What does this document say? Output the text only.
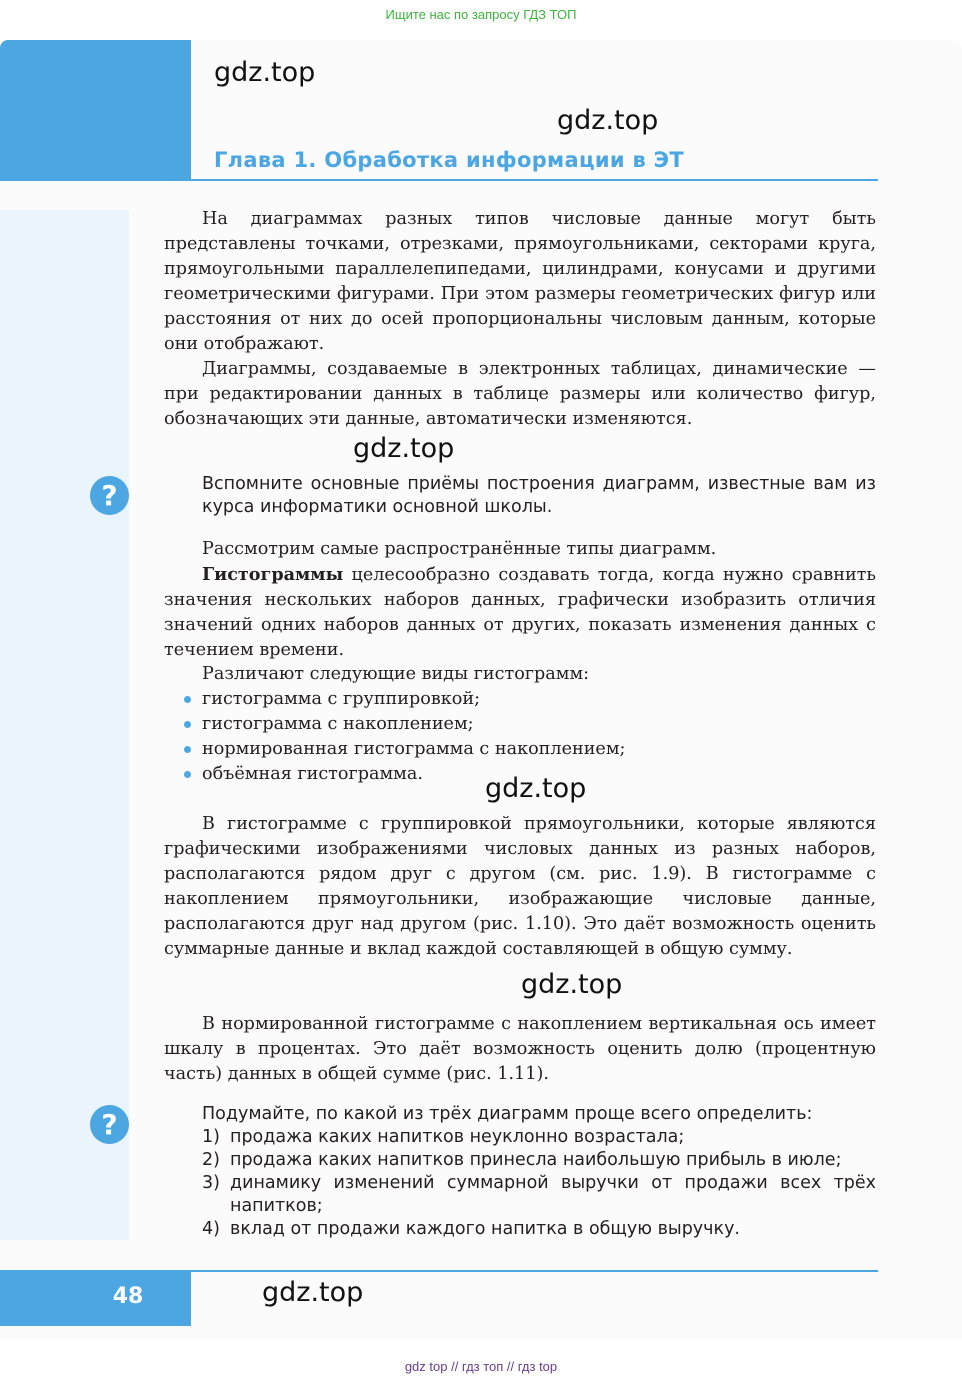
Ищите нас по запросу ГДЗ ТОП
gdz.top
gdz.top
Глава 1. Обработка информации в ЭТ

На диаграммах разных типов числовые данные могут быть представлены точками, отрезками, прямоугольниками, секторами круга, прямоугольными параллелепипедами, цилиндрами, конусами и другими геометрическими фигурами. При этом размеры геометрических фигур или расстояния от них до осей пропорциональны числовым данным, которые они отображают.

Диаграммы, создаваемые в электронных таблицах, динамические — при редактировании данных в таблице размеры или количество фигур, обозначающих эти данные, автоматически изменяются.

gdz.top
?	Вспомните основные приёмы построения диаграмм, известные вам из курса информатики основной школы.

Рассмотрим самые распространённые типы диаграмм.

Гистограммы целесообразно создавать тогда, когда нужно сравнить значения нескольких наборов данных, графически изобразить отличия значений одних наборов данных от других, показать изменения данных с течением времени.

Различают следующие виды гистограмм:

гистограмма с группировкой;
гистограмма с накоплением;
нормированная гистограмма с накоплением;
объёмная гистограмма.	gdz.top

В гистограмме с группировкой прямоугольники, которые являются графическими изображениями числовых данных из разных наборов, располагаются рядом друг с другом (см. рис. 1.9). В гистограмме с накоплением прямоугольники, изображающие числовые данные, располагаются друг над другом (рис. 1.10). Это даёт возможность оценить суммарные данные и вклад каждой составляющей в общую сумму.

gdz.top

В нормированной гистограмме с накоплением вертикальная ось имеет шкалу в процентах. Это даёт возможность оценить долю (процентную часть) данных в общей сумме (рис. 1.11).

?	Подумайте, по какой из трёх диаграмм проще всего определить:

1) продажа каких напитков неуклонно возрастала;
2) продажа каких напитков принесла наибольшую прибыль в июле;
3) динамику изменений суммарной выручки от продажи всех трёх напитков;
4) вклад от продажи каждого напитка в общую выручку.
48	gdz.top
gdz top // гдз топ // гдз top
